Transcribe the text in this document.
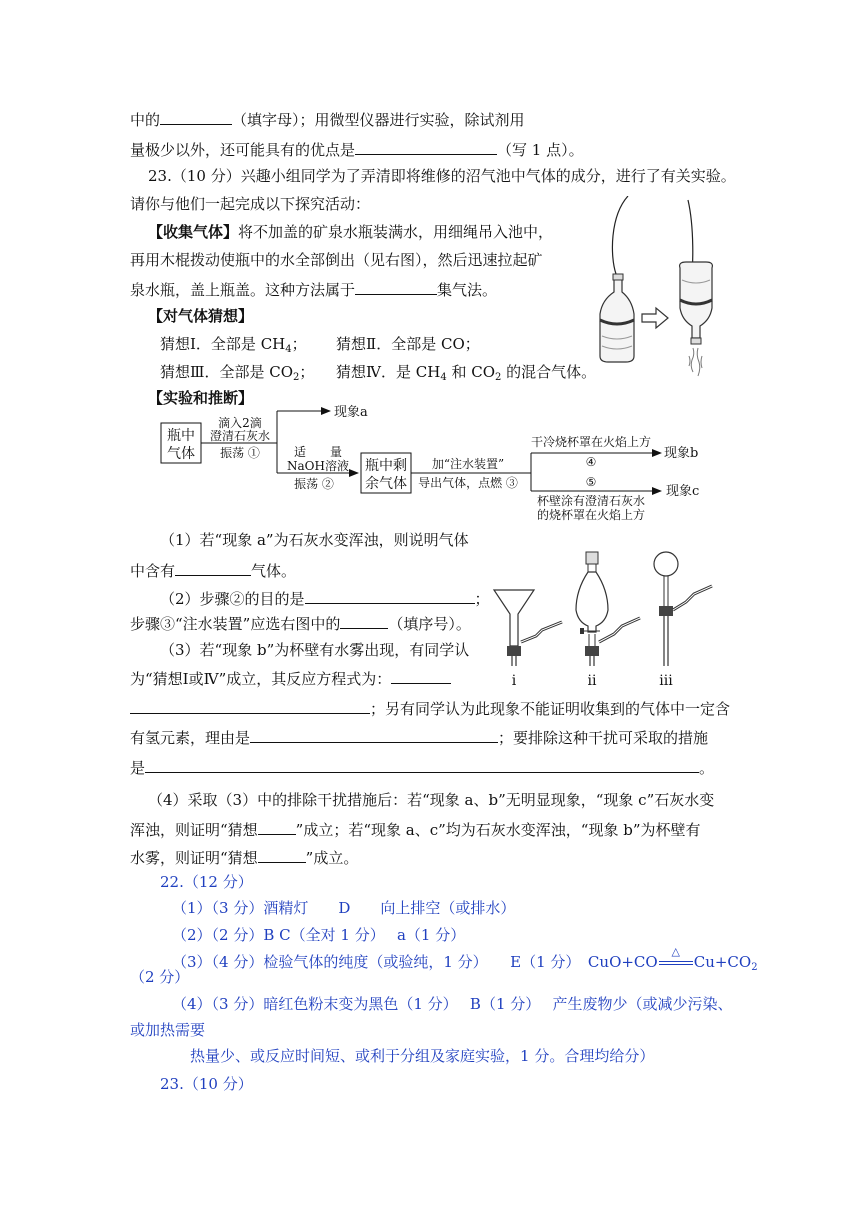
中的	（填字母）；用微型仪器进行实验，除试剂用
量极少以外，还可能具有的优点是	（写 1 点）。
23.（10 分）兴趣小组同学为了弄清即将维修的沼气池中气体的成分，进行了有关实验。
请你与他们一起完成以下探究活动：
【收集气体】将不加盖的矿泉水瓶装满水，用细绳吊入池中，
再用木棍拨动使瓶中的水全部倒出（见右图），然后迅速拉起矿
泉水瓶，盖上瓶盖。这种方法属于	集气法。
【对气体猜想】
猜想Ⅰ．全部是 $CH_4$； 猜想Ⅱ．全部是 CO；
猜想Ⅲ．全部是 $CO_2$； 猜想Ⅳ．是 $CH_4$ 和 $CO_2$ 的混合气体。
【实验和推断】
瓶中
气体
滴入2滴
澄清石灰水
振荡 ①
现象a
适　　量
NaOH溶液
振荡 ②
瓶中剩
余气体
加“注水装置”
导出气体，点燃 ③
干冷烧杯罩在火焰上方
④
现象b
⑤
杯壁涂有澄清石灰水
的烧杯罩在火焰上方
现象c
（1）若“现象 a”为石灰水变浑浊，则说明气体
中含有	气体。
（2）步骤②的目的是	；
步骤③“注水装置”应选右图中的	（填序号）。
（3）若“现象 b”为杯壁有水雾出现，有同学认
为“猜想Ⅰ或Ⅳ”成立，其反应方程式为：
；另有同学认为此现象不能证明收集到的气体中一定含
有氢元素，理由是	；要排除这种干扰可采取的措施
是	。
i	ii	iii
（4）采取（3）中的排除干扰措施后：若“现象 a、b”无明显现象，“现象 c”石灰水变
浑浊，则证明“猜想	”成立；若“现象 a、c”均为石灰水变浑浊，“现象 b”为杯壁有
水雾，则证明“猜想	”成立。
22.（12 分）
（1）（3 分）酒精灯　　D　　向上排空（或排水）
（2）（2 分）B C（全对 1 分）　 a（1 分）
（3）（4 分）检验气体的纯度（或验纯，1 分）　　E（1 分）　CuO+CO
△
$Cu+CO_2$
（2 分）
（4）（3 分）暗红色粉末变为黑色（1 分）　 B（1 分）　 产生废物少（或减少污染、
或加热需要
热量少、或反应时间短、或利于分组及家庭实验，1 分。合理均给分）
23.（10 分）
